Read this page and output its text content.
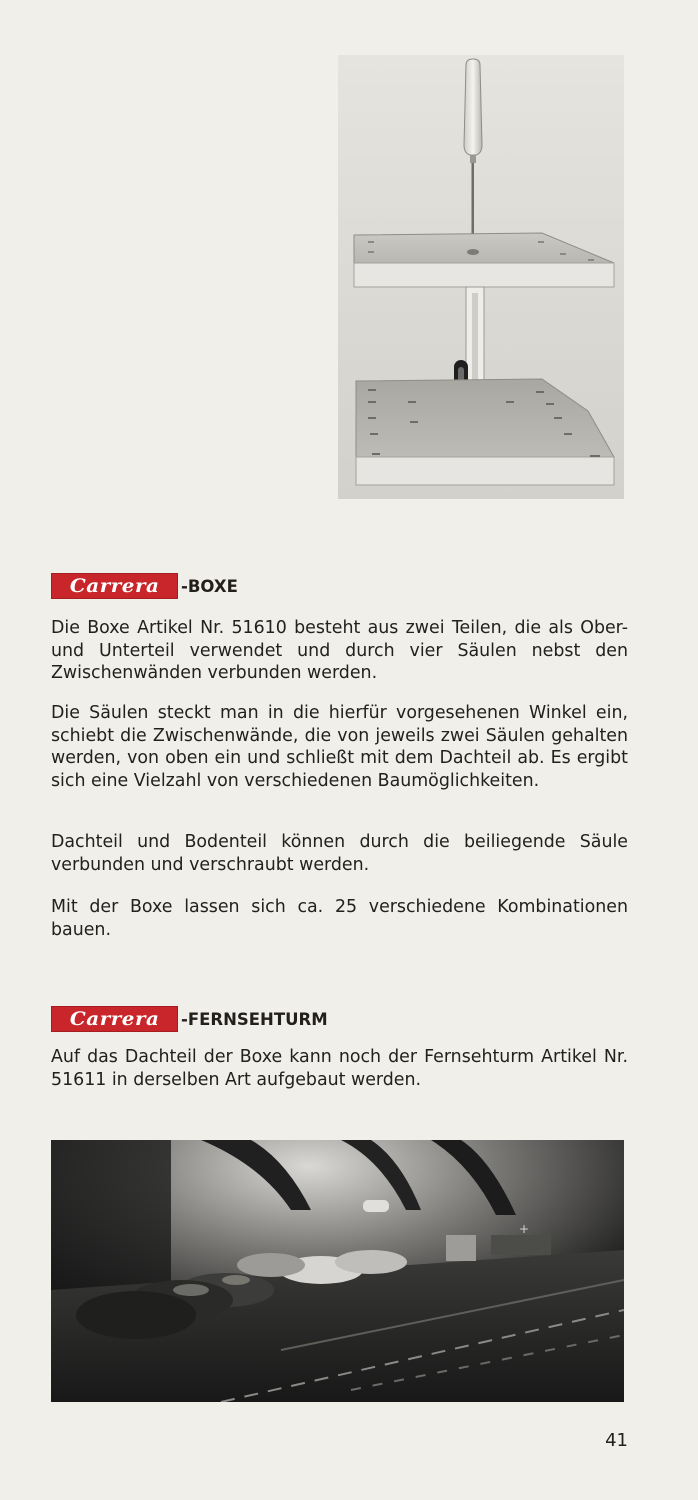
Carrera -BOXE

Die Boxe Artikel Nr. 51610 besteht aus zwei Teilen, die als Ober- und Unterteil verwendet und durch vier Säulen nebst den Zwischenwänden verbunden werden.

Die Säulen steckt man in die hierfür vorgesehenen Winkel ein, schiebt die Zwischenwände, die von jeweils zwei Säulen gehalten werden, von oben ein und schließt mit dem Dachteil ab. Es ergibt sich eine Vielzahl von verschiedenen Baumöglichkeiten.

Dachteil und Bodenteil können durch die beiliegende Säule verbunden und verschraubt werden.

Mit der Boxe lassen sich ca. 25 verschiedene Kombinationen bauen.

Carrera -FERNSEHTURM

Auf das Dachteil der Boxe kann noch der Fernsehturm Artikel Nr. 51611 in derselben Art aufgebaut werden.

+
41
